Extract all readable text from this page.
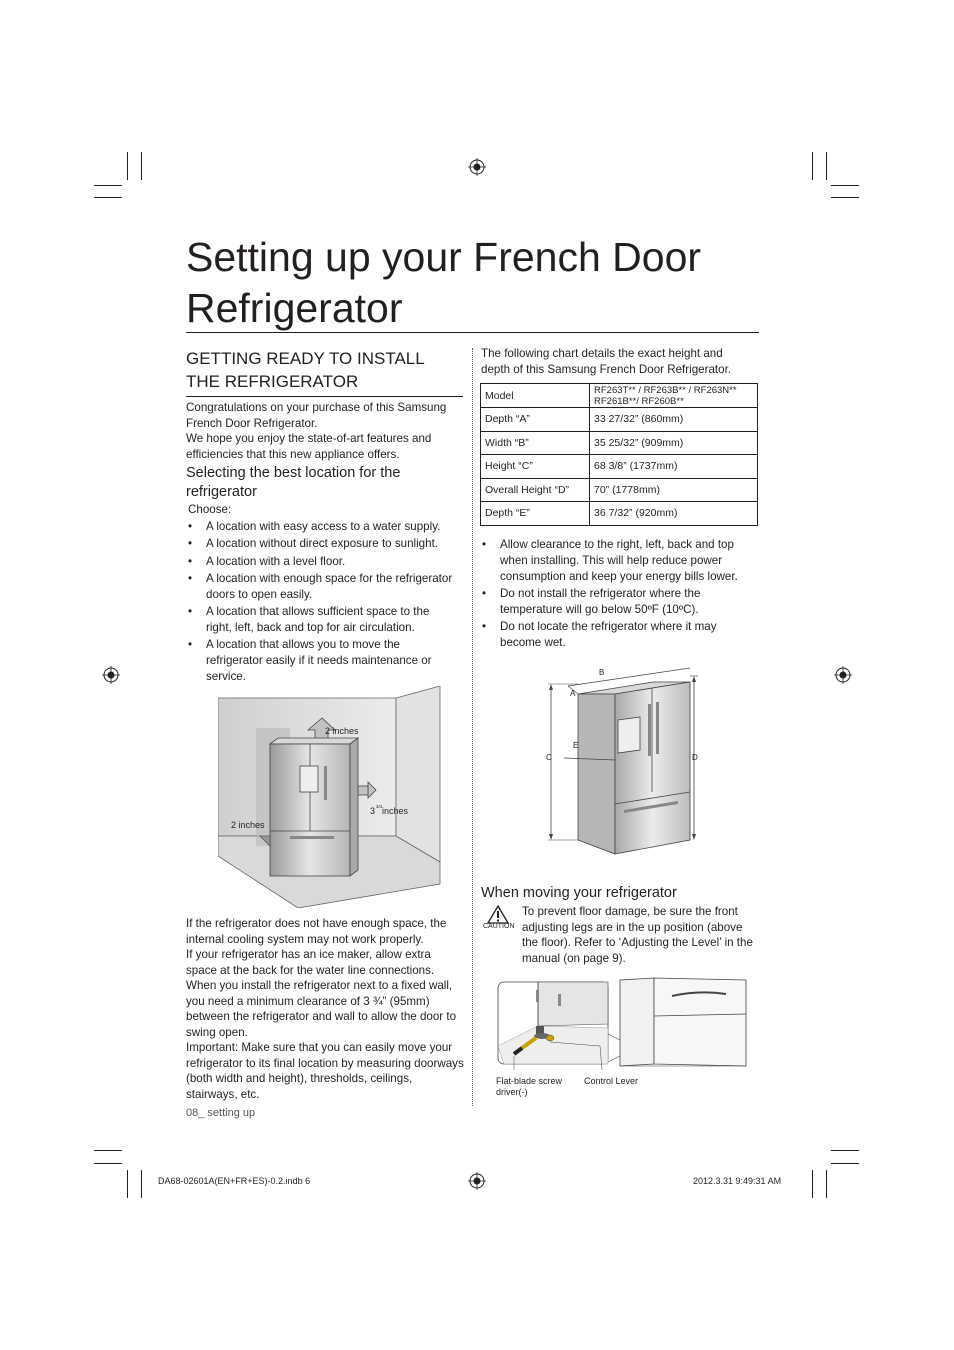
Setting up your French Door Refrigerator
GETTING READY TO INSTALL THE REFRIGERATOR
Congratulations on your purchase of this Samsung French Door Refrigerator.
We hope you enjoy the state-of-art features and efficiencies that this new appliance offers.
Selecting the best location for the refrigerator
Choose:
• A location with easy access to a water supply.
• A location without direct exposure to sunlight.
• A location with a level floor.
• A location with enough space for the refrigerator doors to open easily.
• A location that allows sufficient space to the right, left, back and top for air circulation.
• A location that allows you to move the refrigerator easily if it needs maintenance or service.
2 inches
2 inches
3 3/4 inches
If the refrigerator does not have enough space, the internal cooling system may not work properly.
If your refrigerator has an ice maker, allow extra space at the back for the water line connections.
When you install the refrigerator next to a fixed wall, you need a minimum clearance of 3 ¾” (95mm) between the refrigerator and wall to allow the door to swing open.
Important: Make sure that you can easily move your refrigerator to its final location by measuring doorways (both width and height), thresholds, ceilings, stairways, etc.
08_ setting up
The following chart details the exact height and depth of this Samsung French Door Refrigerator.
Model	RF263T** / RF263B** / RF263N** RF261B**/ RF260B**
Depth “A”	33 27/32” (860mm)
Width “B”	35 25/32” (909mm)
Height “C”	68 3/8” (1737mm)
Overall Height “D”	70” (1778mm)
Depth “E”	36 7/32” (920mm)
• Allow clearance to the right, left, back and top when installing. This will help reduce power consumption and keep your energy bills lower.
• Do not install the refrigerator where the temperature will go below 50ºF (10ºC).
• Do not locate the refrigerator where it may become wet.
A
B
C	D
E
When moving your refrigerator
CAUTION
To prevent floor damage, be sure the front adjusting legs are in the up position (above the floor). Refer to ‘Adjusting the Level’ in the manual (on page 9).
Flat-blade screw driver(-)
Control Lever
DA68-02601A(EN+FR+ES)-0.2.indb 6	2012.3.31 9:49:31 AM
